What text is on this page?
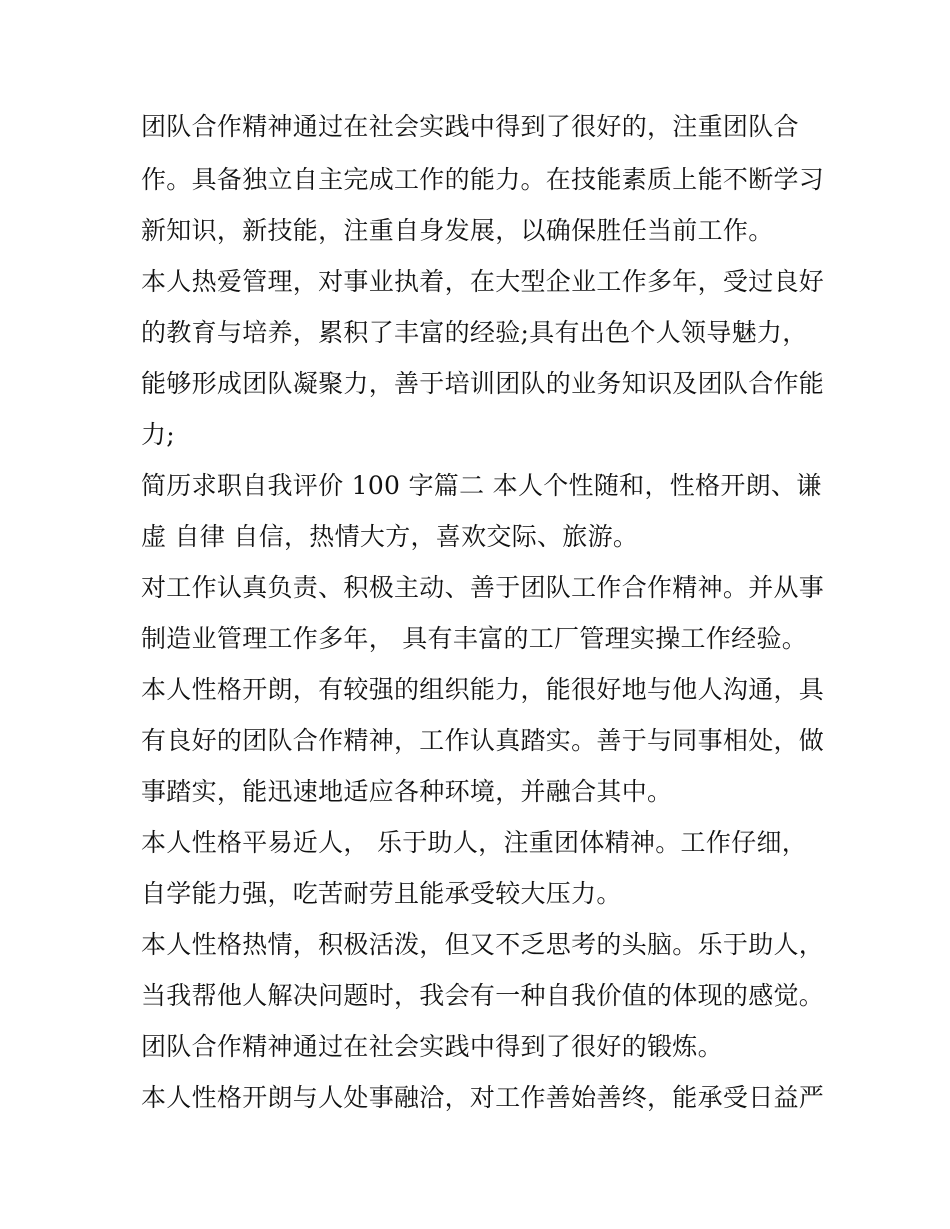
团队合作精神通过在社会实践中得到了很好的，注重团队合
作。具备独立自主完成工作的能力。在技能素质上能不断学习
新知识，新技能，注重自身发展，以确保胜任当前工作。
本人热爱管理，对事业执着，在大型企业工作多年，受过良好
的教育与培养，累积了丰富的经验;具有出色个人领导魅力，
能够形成团队凝聚力，善于培训团队的业务知识及团队合作能
力;
简历求职自我评价 100 字篇二 本人个性随和，性格开朗、谦
虚 自律 自信，热情大方，喜欢交际、旅游。
对工作认真负责、积极主动、善于团队工作合作精神。并从事
制造业管理工作多年， 具有丰富的工厂管理实操工作经验。
本人性格开朗，有较强的组织能力，能很好地与他人沟通，具
有良好的团队合作精神，工作认真踏实。善于与同事相处，做
事踏实，能迅速地适应各种环境，并融合其中。
本人性格平易近人， 乐于助人，注重团体精神。工作仔细，
自学能力强，吃苦耐劳且能承受较大压力。
本人性格热情，积极活泼，但又不乏思考的头脑。乐于助人，
当我帮他人解决问题时，我会有一种自我价值的体现的感觉。
团队合作精神通过在社会实践中得到了很好的锻炼。
本人性格开朗与人处事融洽，对工作善始善终，能承受日益严
